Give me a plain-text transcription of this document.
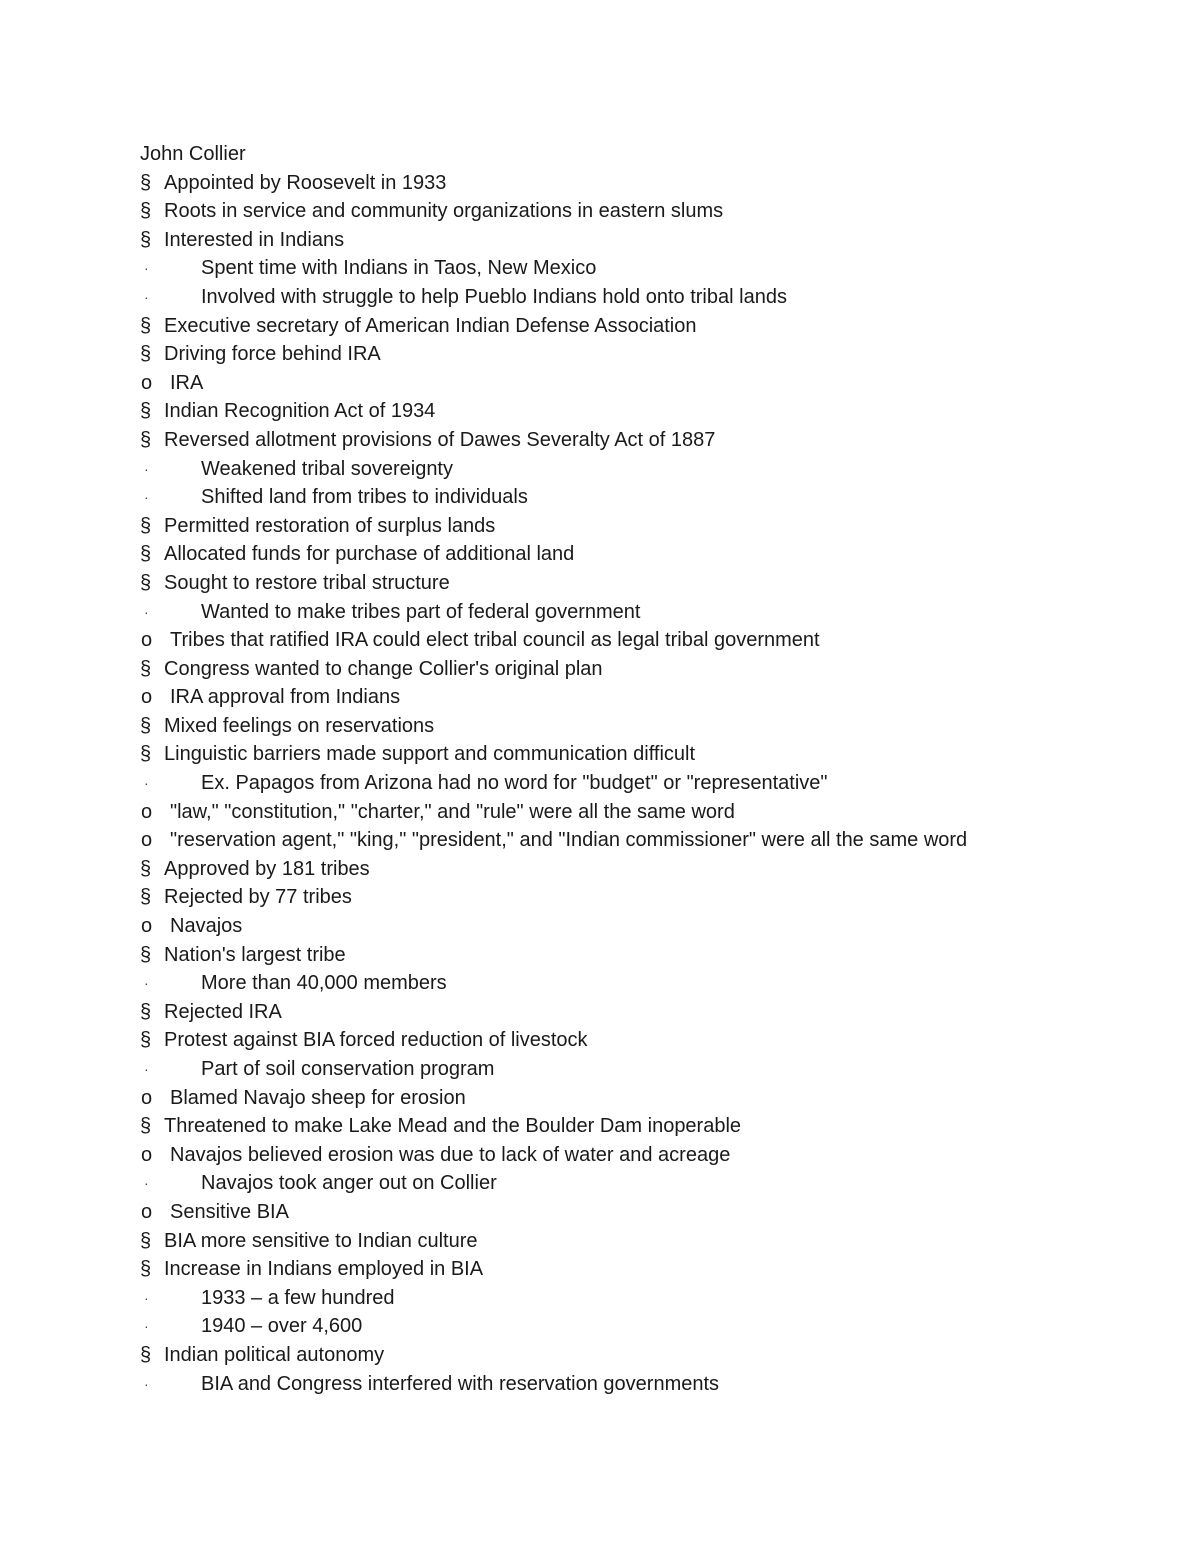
John Collier
§ Appointed by Roosevelt in 1933
§ Roots in service and community organizations in eastern slums
§ Interested in Indians
·	Spent time with Indians in Taos, New Mexico
·	Involved with struggle to help Pueblo Indians hold onto tribal lands
§ Executive secretary of American Indian Defense Association
§ Driving force behind IRA
o IRA
§ Indian Recognition Act of 1934
§ Reversed allotment provisions of Dawes Severalty Act of 1887
·	Weakened tribal sovereignty
·	Shifted land from tribes to individuals
§ Permitted restoration of surplus lands
§ Allocated funds for purchase of additional land
§ Sought to restore tribal structure
·	Wanted to make tribes part of federal government
o Tribes that ratified IRA could elect tribal council as legal tribal government
§ Congress wanted to change Collier's original plan
o IRA approval from Indians
§ Mixed feelings on reservations
§ Linguistic barriers made support and communication difficult
·	Ex. Papagos from Arizona had no word for "budget" or "representative"
o "law," "constitution," "charter," and "rule" were all the same word
o "reservation agent," "king," "president," and "Indian commissioner" were all the same word
§ Approved by 181 tribes
§ Rejected by 77 tribes
o Navajos
§ Nation's largest tribe
·	More than 40,000 members
§ Rejected IRA
§ Protest against BIA forced reduction of livestock
·	Part of soil conservation program
o Blamed Navajo sheep for erosion
§ Threatened to make Lake Mead and the Boulder Dam inoperable
o Navajos believed erosion was due to lack of water and acreage
·	Navajos took anger out on Collier
o Sensitive BIA
§ BIA more sensitive to Indian culture
§ Increase in Indians employed in BIA
·	1933 – a few hundred
·	1940 – over 4,600
§ Indian political autonomy
·	BIA and Congress interfered with reservation governments
